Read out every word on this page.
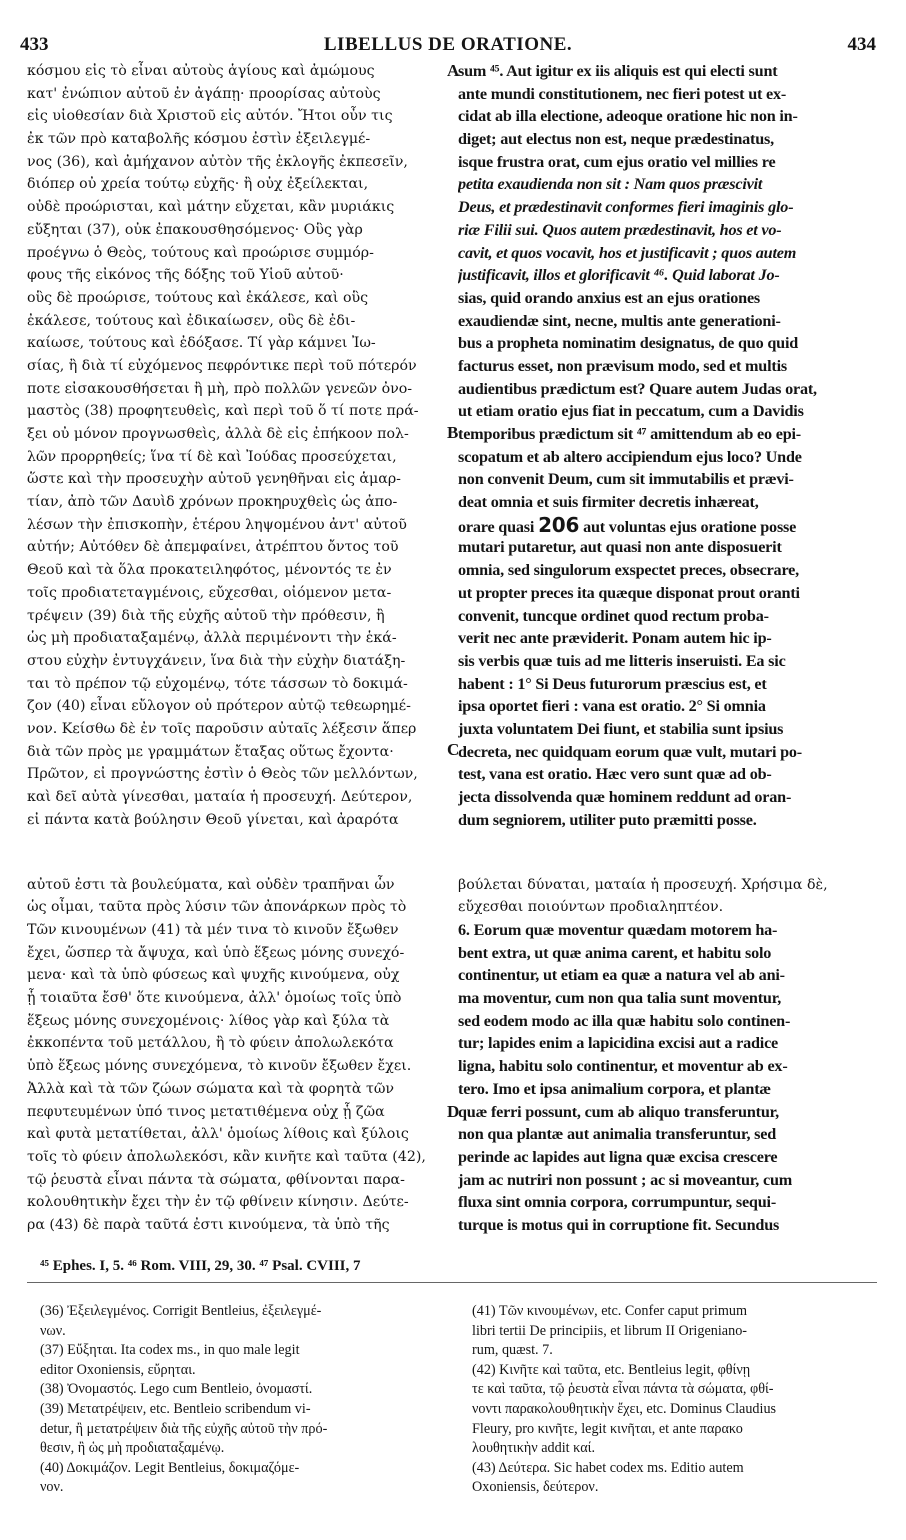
433	LIBELLUS DE ORATIONE.	434
A
B
C
D
κόσμου εἰς τὸ εἶναι αὐτοὺς ἁγίους καὶ ἀμώμους
κατ' ἐνώπιον αὐτοῦ ἐν ἀγάπῃ· προορίσας αὐτοὺς
εἰς υἱοθεσίαν διὰ Χριστοῦ εἰς αὐτόν. Ἤτοι οὖν τις
ἐκ τῶν πρὸ καταβολῆς κόσμου ἐστὶν ἐξειλεγμέ-
νος (36), καὶ ἀμήχανον αὐτὸν τῆς ἐκλογῆς ἐκπεσεῖν,
διόπερ οὐ χρεία τούτῳ εὐχῆς· ἢ οὐχ ἐξείλεκται,
οὐδὲ προώρισται, καὶ μάτην εὔχεται, κἂν μυριάκις
εὔξηται (37), οὐκ ἐπακουσθησόμενος· Οὓς γὰρ
προέγνω ὁ Θεὸς, τούτους καὶ προώρισε συμμόρ-
φους τῆς εἰκόνος τῆς δόξης τοῦ Υἱοῦ αὐτοῦ·
οὓς δὲ προώρισε, τούτους καὶ ἐκάλεσε, καὶ οὓς
ἐκάλεσε, τούτους καὶ ἐδικαίωσεν, οὓς δὲ ἐδι-
καίωσε, τούτους καὶ ἐδόξασε. Τί γὰρ κάμνει Ἰω-
σίας, ἢ διὰ τί εὐχόμενος πεφρόντικε περὶ τοῦ πότερόν
ποτε εἰσακουσθήσεται ἢ μὴ, πρὸ πολλῶν γενεῶν ὀνο-
μαστὸς (38) προφητευθεὶς, καὶ περὶ τοῦ ὅ τί ποτε πρά-
ξει οὐ μόνον προγνωσθεὶς, ἀλλὰ δὲ εἰς ἐπήκοον πολ-
λῶν προρρηθείς; ἵνα τί δὲ καὶ Ἰούδας προσεύχεται,
ὥστε καὶ τὴν προσευχὴν αὐτοῦ γενηθῆναι εἰς ἁμαρ-
τίαν, ἀπὸ τῶν Δαυὶδ χρόνων προκηρυχθεὶς ὡς ἀπο-
λέσων τὴν ἐπισκοπὴν, ἑτέρου ληψομένου ἀντ' αὐτοῦ
αὐτήν; Αὐτόθεν δὲ ἀπεμφαίνει, ἀτρέπτου ὄντος τοῦ
Θεοῦ καὶ τὰ ὅλα προκατειληφότος, μένοντός τε ἐν
τοῖς προδιατεταγμένοις, εὔχεσθαι, οἰόμενον μετα-
τρέψειν (39) διὰ τῆς εὐχῆς αὐτοῦ τὴν πρόθεσιν, ἢ
ὡς μὴ προδιαταξαμένῳ, ἀλλὰ περιμένοντι τὴν ἑκά-
στου εὐχὴν ἐντυγχάνειν, ἵνα διὰ τὴν εὐχὴν διατάξη-
ται τὸ πρέπον τῷ εὐχομένῳ, τότε τάσσων τὸ δοκιμά-
ζον (40) εἶναι εὔλογον οὐ πρότερον αὐτῷ τεθεωρημέ-
νον. Κείσθω δὲ ἐν τοῖς παροῦσιν αὐταῖς λέξεσιν ἅπερ
διὰ τῶν πρὸς με γραμμάτων ἔταξας οὕτως ἔχοντα·
Πρῶτον, εἰ προγνώστης ἐστὶν ὁ Θεὸς τῶν μελλόντων,
καὶ δεῖ αὐτὰ γίνεσθαι, ματαία ἡ προσευχή. Δεύτερον,
εἰ πάντα κατὰ βούλησιν Θεοῦ γίνεται, καὶ ἀραρότα
sum ⁴⁵. Aut igitur ex iis aliquis est qui electi sunt
ante mundi constitutionem, nec fieri potest ut ex-
cidat ab illa electione, adeoque oratione hic non in-
diget; aut electus non est, neque prædestinatus,
isque frustra orat, cum ejus oratio vel millies re
petita exaudienda non sit : Nam quos præscivit
Deus, et prædestinavit conformes fieri imaginis glo-
riæ Filii sui. Quos autem prædestinavit, hos et vo-
cavit, et quos vocavit, hos et justificavit ; quos autem
justificavit, illos et glorificavit ⁴⁶. Quid laborat Jo-
sias, quid orando anxius est an ejus orationes
exaudiendæ sint, necne, multis ante generationi-
bus a propheta nominatim designatus, de quo quid
facturus esset, non prævisum modo, sed et multis
audientibus prædictum est? Quare autem Judas orat,
ut etiam oratio ejus fiat in peccatum, cum a Davidis
temporibus prædictum sit ⁴⁷ amittendum ab eo epi-
scopatum et ab altero accipiendum ejus loco? Unde
non convenit Deum, cum sit immutabilis et prævi-
deat omnia et suis firmiter decretis inhæreat,
orare quasi 206 aut voluntas ejus oratione posse
mutari putaretur, aut quasi non ante disposuerit
omnia, sed singulorum exspectet preces, obsecrare,
ut propter preces ita quæque disponat prout oranti
convenit, tuncque ordinet quod rectum proba-
verit nec ante præviderit. Ponam autem hic ip-
sis verbis quæ tuis ad me litteris inseruisti. Ea sic
habent : 1° Si Deus futurorum præscius est, et
ipsa oportet fieri : vana est oratio. 2° Si omnia
juxta voluntatem Dei fiunt, et stabilia sunt ipsius
decreta, nec quidquam eorum quæ vult, mutari po-
test, vana est oratio. Hæc vero sunt quæ ad ob-
jecta dissolvenda quæ hominem reddunt ad oran-
dum segniorem, utiliter puto præmitti posse.
αὐτοῦ ἐστι τὰ βουλεύματα, καὶ οὐδὲν τραπῆναι ὧν	βούλεται δύναται, ματαία ἡ προσευχή. Χρήσιμα δὲ,
ὡς οἶμαι, ταῦτα πρὸς λύσιν τῶν ἀπονάρκων πρὸς τὸ	εὔχεσθαι ποιούντων προδιαληπτέον.
Τῶν κινουμένων (41) τὰ μέν τινα τὸ κινοῦν ἔξωθεν
ἔχει, ὥσπερ τὰ ἄψυχα, καὶ ὑπὸ ἕξεως μόνης συνεχό-
μενα· καὶ τὰ ὑπὸ φύσεως καὶ ψυχῆς κινούμενα, οὐχ
ᾗ τοιαῦτα ἔσθ' ὅτε κινούμενα, ἀλλ' ὁμοίως τοῖς ὑπὸ
ἕξεως μόνης συνεχομένοις· λίθος γὰρ καὶ ξύλα τὰ
ἐκκοπέντα τοῦ μετάλλου, ἢ τὸ φύειν ἀπολωλεκότα
ὑπὸ ἕξεως μόνης συνεχόμενα, τὸ κινοῦν ἔξωθεν ἔχει.
Ἀλλὰ καὶ τὰ τῶν ζώων σώματα καὶ τὰ φορητὰ τῶν
πεφυτευμένων ὑπό τινος μετατιθέμενα οὐχ ᾗ ζῶα
καὶ φυτὰ μετατίθεται, ἀλλ' ὁμοίως λίθοις καὶ ξύλοις
τοῖς τὸ φύειν ἀπολωλεκόσι, κἂν κινῆτε καὶ ταῦτα (42),
τῷ ῥευστὰ εἶναι πάντα τὰ σώματα, φθίνονται παρα-
κολουθητικὴν ἔχει τὴν ἐν τῷ φθίνειν κίνησιν. Δεύτε-
ρα (43) δὲ παρὰ ταῦτά ἐστι κινούμενα, τὰ ὑπὸ τῆς
6. Eorum quæ moventur quædam motorem ha-
bent extra, ut quæ anima carent, et habitu solo
continentur, ut etiam ea quæ a natura vel ab ani-
ma moventur, cum non qua talia sunt moventur,
sed eodem modo ac illa quæ habitu solo continen-
tur; lapides enim a lapicidina excisi aut a radice
ligna, habitu solo continentur, et moventur ab ex-
tero. Imo et ipsa animalium corpora, et plantæ
quæ ferri possunt, cum ab aliquo transferuntur,
non qua plantæ aut animalia transferuntur, sed
perinde ac lapides aut ligna quæ excisa crescere
jam ac nutriri non possunt ; ac si moveantur, cum
fluxa sint omnia corpora, corrumpuntur, sequi-
turque is motus qui in corruptione fit. Secundus
⁴⁵ Ephes. I, 5. ⁴⁶ Rom. VIII, 29, 30. ⁴⁷ Psal. CVIII, 7
(36) Ἐξειλεγμένος. Corrigit Bentleius, ἐξειλεγμέ-
νων.
(37) Εὔξηται. Ita codex ms., in quo male legit
editor Oxoniensis, εὔρηται.
(38) Ὀνομαστός. Lego cum Bentleio, ὀνομαστί.
(39) Μετατρέψειν, etc. Bentleio scribendum vi-
detur, ἢ μετατρέψειν διὰ τῆς εὐχῆς αὐτοῦ τὴν πρό-
θεσιν, ἢ ὡς μὴ προδιαταξαμένῳ.
(40) Δοκιμάζον. Legit Bentleius, δοκιμαζόμε-
νον.
(41) Τῶν κινουμένων, etc. Confer caput primum
libri tertii De principiis, et librum II Origeniano-
rum, quæst. 7.
(42) Κινῆτε καὶ ταῦτα, etc. Bentleius legit, φθίνῃ
τε καὶ ταῦτα, τῷ ῥευστὰ εἶναι πάντα τὰ σώματα, φθί-
νοντι παρακολουθητικὴν ἔχει, etc. Dominus Claudius
Fleury, pro κινῆτε, legit κινῆται, et ante παρακο
λουθητικὴν addit καί.
(43) Δεύτερα. Sic habet codex ms. Editio autem
Oxoniensis, δεύτερον.
